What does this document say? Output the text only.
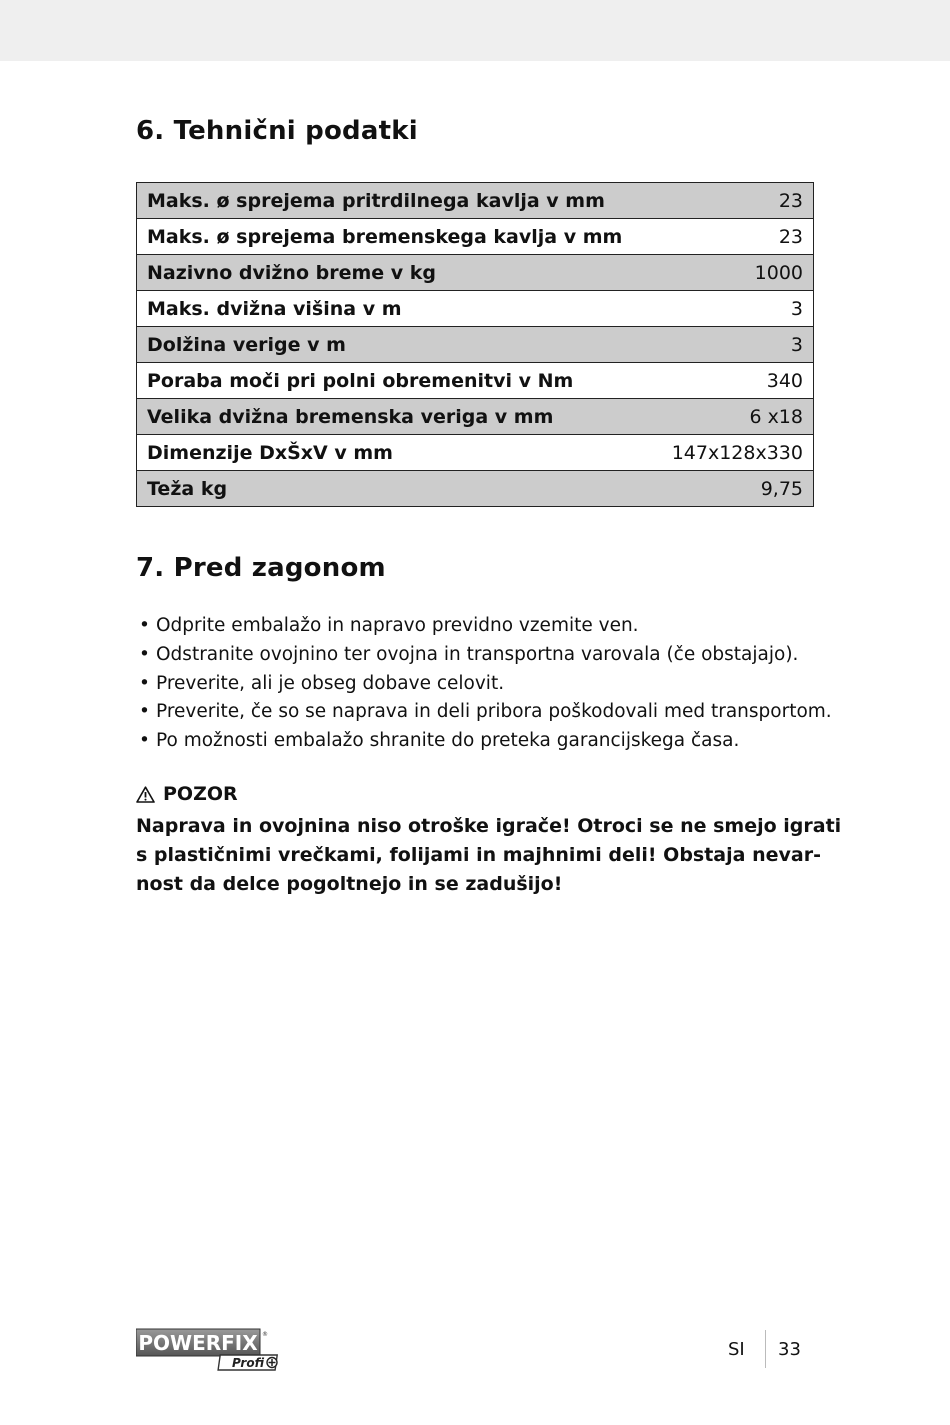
6. Tehnični podatki
Maks. ø sprejema pritrdilnega kavlja v mm	23
Maks. ø sprejema bremenskega kavlja v mm	23
Nazivno dvižno breme v kg	1000
Maks. dvižna višina v m	3
Dolžina verige v m	3
Poraba moči pri polni obremenitvi v Nm	340
Velika dvižna bremenska veriga v mm	6 x18
Dimenzije DxŠxV v mm	147x128x330
Teža kg	9,75
7. Pred zagonom
• Odprite embalažo in napravo previdno vzemite ven.
• Odstranite ovojnino ter ovojna in transportna varovala (če obstajajo).
• Preverite, ali je obseg dobave celovit.
• Preverite, če so se naprava in deli pribora poškodovali med transportom.
• Po možnosti embalažo shranite do preteka garancijskega časa.
POZOR
Naprava in ovojnina niso otroške igrače! Otroci se ne smejo igrati
s plastičnimi vrečkami, folijami in majhnimi deli! Obstaja nevar-
nost da delce pogoltnejo in se zadušijo!
POWERFIX ®
Profi
SI 33
